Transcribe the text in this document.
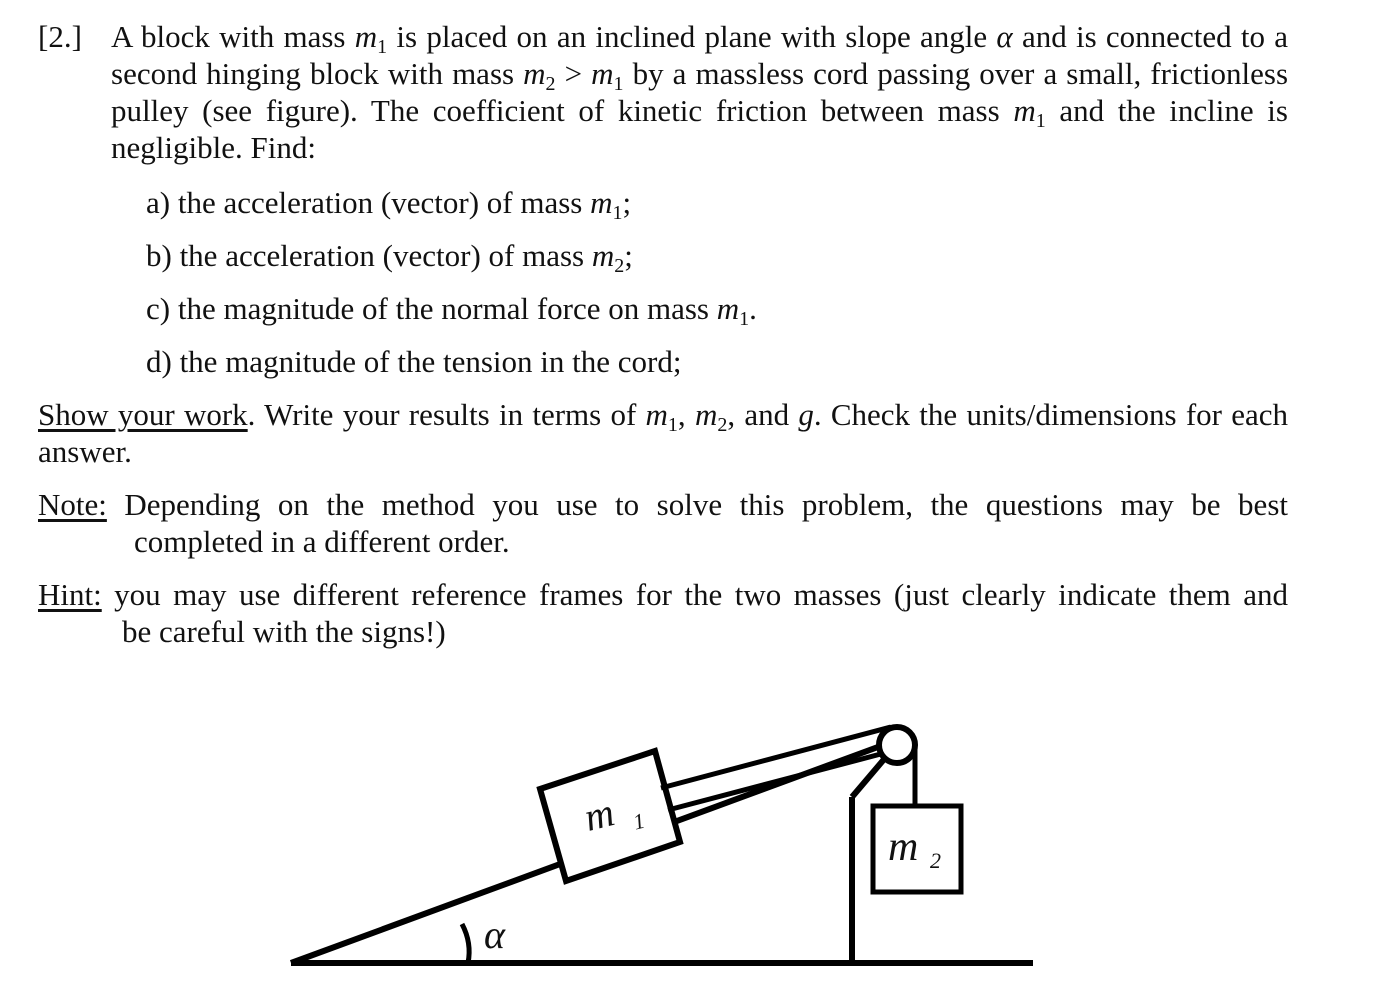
[2.] A block with mass $m_1$ is placed on an inclined plane with slope angle α and is connected to a second hinging block with mass $m_2 > m_1$ by a massless cord passing over a small, frictionless pulley (see figure). The coefficient of kinetic friction between mass $m_1$ and the incline is negligible. Find:
a) the acceleration (vector) of mass $m_1$;
b) the acceleration (vector) of mass $m_2$;
c) the magnitude of the normal force on mass $m_1$.
d) the magnitude of the tension in the cord;
Show your work. Write your results in terms of $m_1$, $m_2$, and g. Check the units/dimensions for each answer.
Note: Depending on the method you use to solve this problem, the questions may be best
completed in a different order.
Hint: you may use different reference frames for the two masses (just clearly indicate them and
be careful with the signs!)
m 1
m 2
α
